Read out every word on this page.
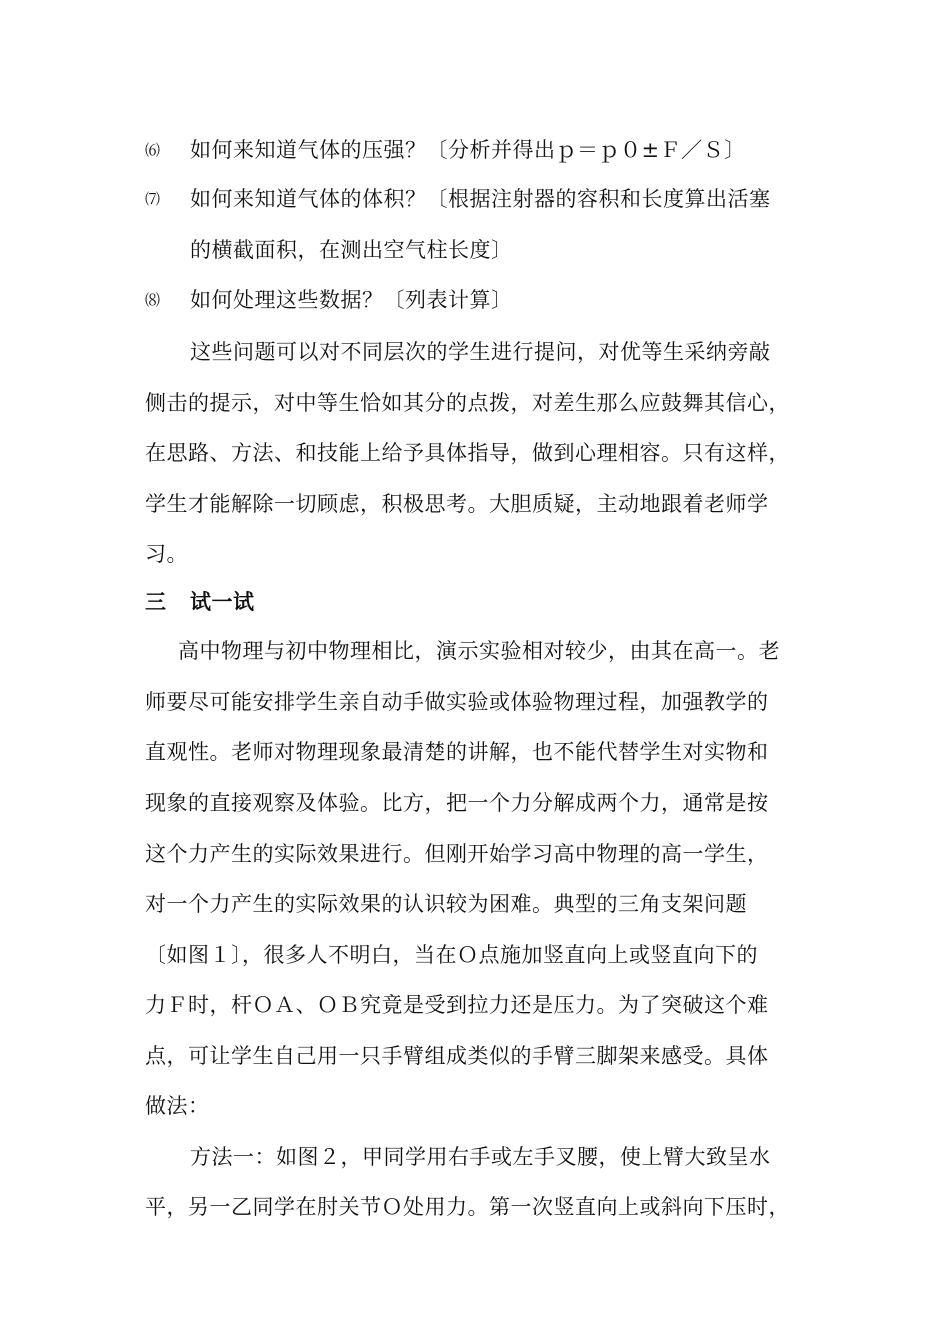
⑹ 如何来知道气体的压强？〔分析并得出ｐ＝ｐ０±Ｆ／Ｓ〕
⑺ 如何来知道气体的体积？〔根据注射器的容积和长度算出活塞
的横截面积，在测出空气柱长度〕
⑻ 如何处理这些数据？〔列表计算〕
这些问题可以对不同层次的学生进行提问，对优等生采纳旁敲
侧击的提示，对中等生恰如其分的点拨，对差生那么应鼓舞其信心，
在思路、方法、和技能上给予具体指导，做到心理相容。只有这样，
学生才能解除一切顾虑，积极思考。大胆质疑，主动地跟着老师学
习。
三 试一试
高中物理与初中物理相比，演示实验相对较少，由其在高一。老
师要尽可能安排学生亲自动手做实验或体验物理过程，加强教学的
直观性。老师对物理现象最清楚的讲解，也不能代替学生对实物和
现象的直接观察及体验。比方，把一个力分解成两个力，通常是按
这个力产生的实际效果进行。但刚开始学习高中物理的高一学生，
对一个力产生的实际效果的认识较为困难。典型的三角支架问题
〔如图１〕，很多人不明白，当在Ｏ点施加竖直向上或竖直向下的
力Ｆ时，杆ＯＡ、ＯＢ究竟是受到拉力还是压力。为了突破这个难
点，可让学生自己用一只手臂组成类似的手臂三脚架来感受。具体
做法：
方法一：如图２，甲同学用右手或左手叉腰，使上臂大致呈水
平，另一乙同学在肘关节Ｏ处用力。第一次竖直向上或斜向下压时，
